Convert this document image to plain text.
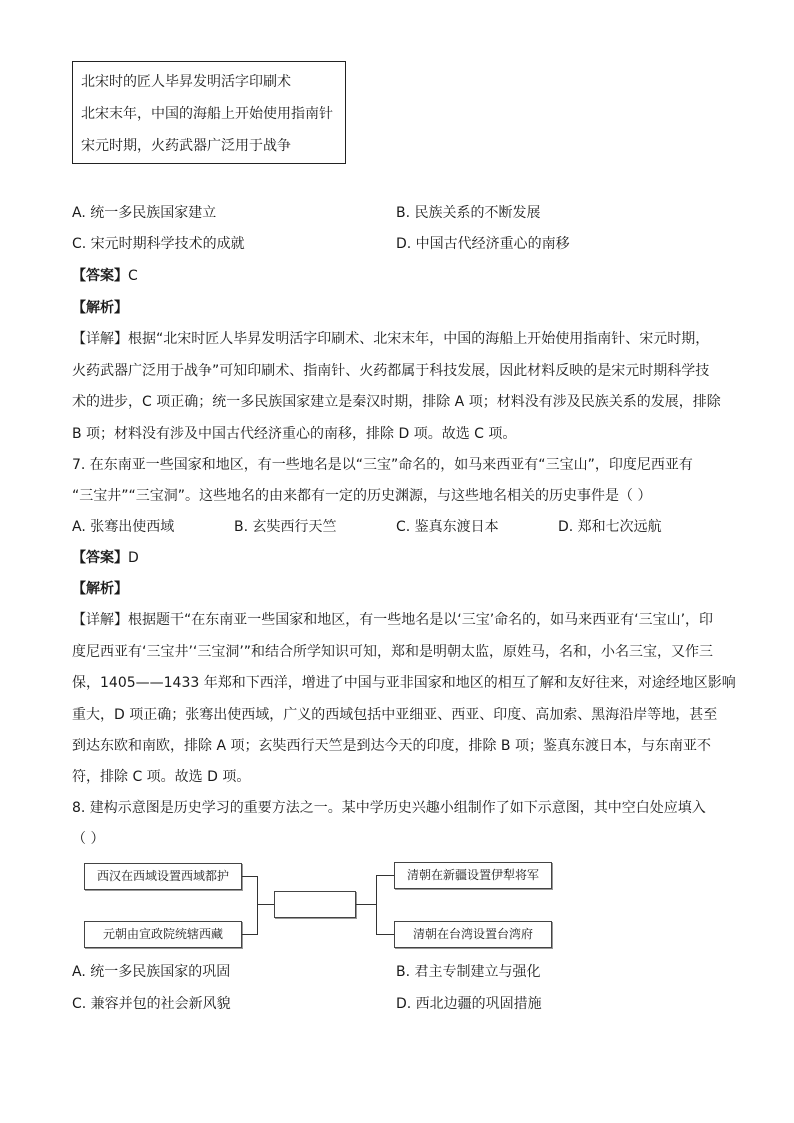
北宋时的匠人毕昇发明活字印刷术
北宋末年，中国的海船上开始使用指南针
宋元时期，火药武器广泛用于战争
A. 统一多民族国家建立	B. 民族关系的不断发展
C. 宋元时期科学技术的成就	D. 中国古代经济重心的南移
【答案】C
【解析】
【详解】根据“北宋时匠人毕昇发明活字印刷术、北宋末年，中国的海船上开始使用指南针、宋元时期，
火药武器广泛用于战争”可知印刷术、指南针、火药都属于科技发展，因此材料反映的是宋元时期科学技
术的进步，C 项正确；统一多民族国家建立是秦汉时期，排除 A 项；材料没有涉及民族关系的发展，排除
B 项；材料没有涉及中国古代经济重心的南移，排除 D 项。故选 C 项。
7. 在东南亚一些国家和地区，有一些地名是以“三宝”命名的，如马来西亚有“三宝山”，印度尼西亚有
“三宝井”“三宝洞”。这些地名的由来都有一定的历史渊源，与这些地名相关的历史事件是（ ）
A. 张骞出使西域	B. 玄奘西行天竺	C. 鉴真东渡日本	D. 郑和七次远航
【答案】D
【解析】
【详解】根据题干“在东南亚一些国家和地区，有一些地名是以‘三宝’命名的，如马来西亚有‘三宝山’，印
度尼西亚有‘三宝井’‘三宝洞’”和结合所学知识可知，郑和是明朝太监，原姓马，名和，小名三宝，又作三
保，1405——1433 年郑和下西洋，增进了中国与亚非国家和地区的相互了解和友好往来，对途经地区影响
重大，D 项正确；张骞出使西域，广义的西域包括中亚细亚、西亚、印度、高加索、黑海沿岸等地，甚至
到达东欧和南欧，排除 A 项；玄奘西行天竺是到达今天的印度，排除 B 项；鉴真东渡日本，与东南亚不
符，排除 C 项。故选 D 项。
8. 建构示意图是历史学习的重要方法之一。某中学历史兴趣小组制作了如下示意图，其中空白处应填入
（ ）
西汉在西域设置西域都护
元朝由宣政院统辖西藏
清朝在新疆设置伊犁将军
清朝在台湾设置台湾府
A. 统一多民族国家的巩固	B. 君主专制建立与强化
C. 兼容并包的社会新风貌	D. 西北边疆的巩固措施
